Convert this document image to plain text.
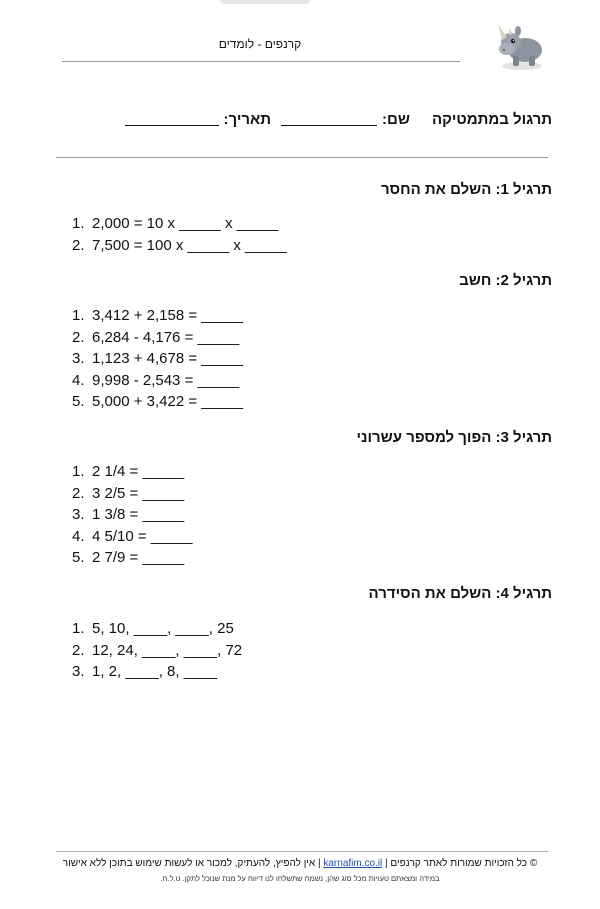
קרנפים - לומדים
תרגול במתמטיקה
שם:
תאריך:
תרגיל 1: השלם את החסר
1. 2,000 = 10 x _____ x _____
2. 7,500 = 100 x _____ x _____
תרגיל 2: חשב
1. 3,412 + 2,158 = _____
2. 6,284 - 4,176 = _____
3. 1,123 + 4,678 = _____
4. 9,998 - 2,543 = _____
5. 5,000 + 3,422 = _____
תרגיל 3: הפוך למספר עשרוני
1. 2 1/4 = _____
2. 3 2/5 = _____
3. 1 3/8 = _____
4. 4 5/10 = _____
5. 2 7/9 = _____
תרגיל 4: השלם את הסידרה
1. 5, 10, ____, ____, 25
2. 12, 24, ____, ____, 72
3. 1, 2, ____, 8, ____
© כל הזכויות שמורות לאתר קרנפים | karnafim.co.il | אין להפיץ, להעתיק, למכור או לעשות שימוש בתוכן ללא אישור
במידה ומצאתם טעויות מכל סוג שהן, נשמח שתשלחו לנו דיווח על מנת שנוכל לתקן. ט.ל.ח.
